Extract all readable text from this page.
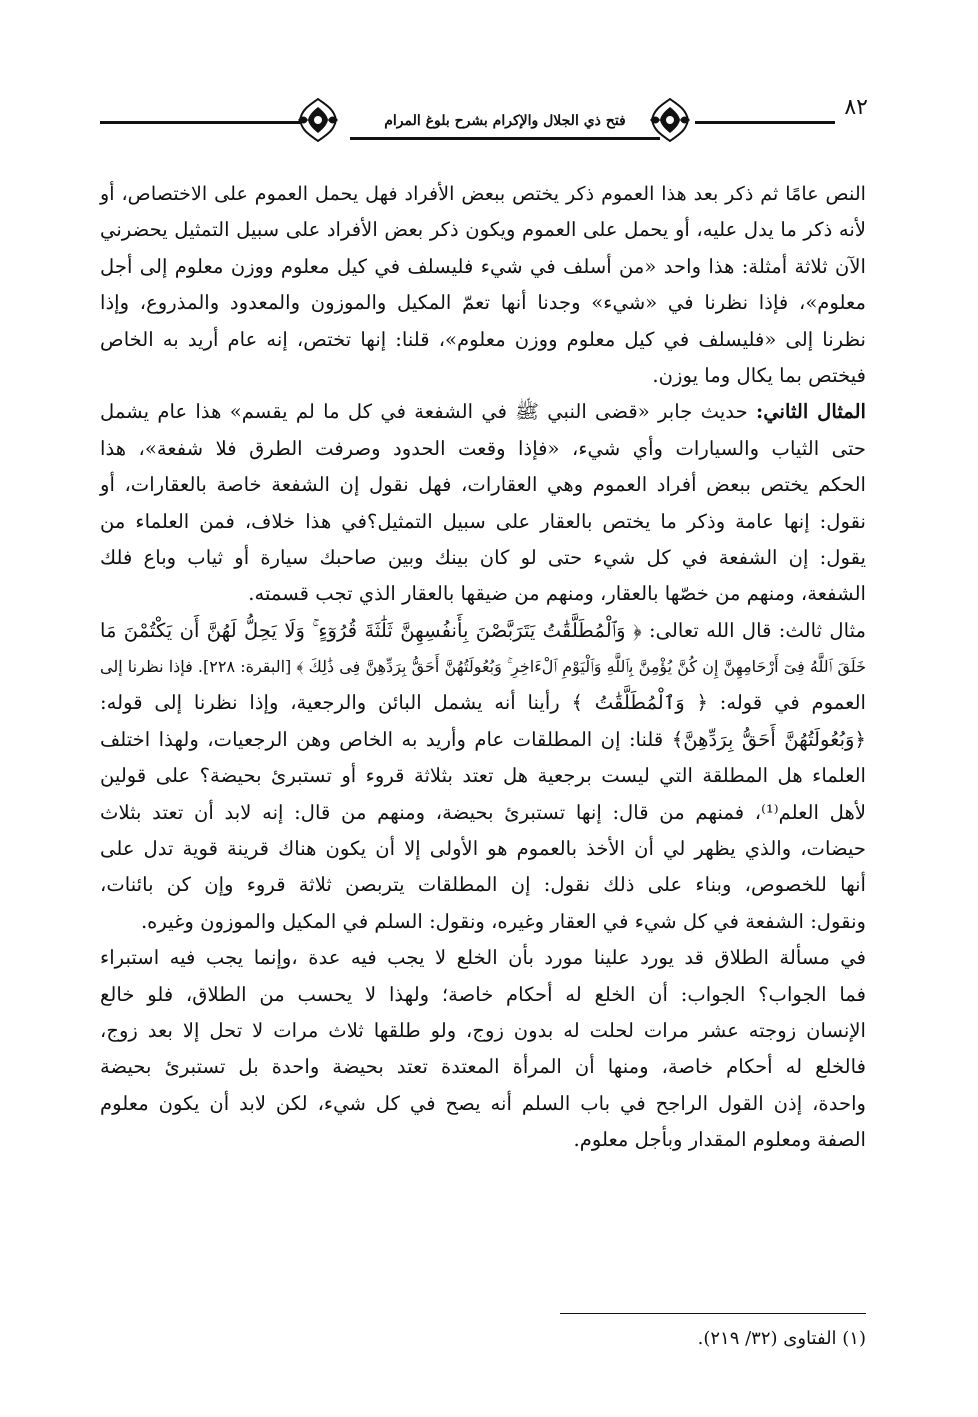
فتح ذي الجلال والإكرام بشرح بلوغ المرام
٨٢
النص عامًا ثم ذكر بعد هذا العموم ذكر يختص ببعض الأفراد فهل يحمل العموم على الاختصاص، أو
لأنه ذكر ما يدل عليه، أو يحمل على العموم ويكون ذكر بعض الأفراد على سبيل التمثيل يحضرني
الآن ثلاثة أمثلة: هذا واحد «من أسلف في شيء فليسلف في كيل معلوم ووزن معلوم إلى أجل
معلوم»، فإذا نظرنا في «شيء» وجدنا أنها تعمّ المكيل والموزون والمعدود والمذروع، وإذا
نظرنا إلى «فليسلف في كيل معلوم ووزن معلوم»، قلنا: إنها تختص، إنه عام أريد به الخاص
فيختص بما يكال وما يوزن.
المثال الثاني: حديث جابر «قضى النبي ﷺ في الشفعة في كل ما لم يقسم» هذا عام يشمل
حتى الثياب والسيارات وأي شيء، «فإذا وقعت الحدود وصرفت الطرق فلا شفعة»، هذا
الحكم يختص ببعض أفراد العموم وهي العقارات، فهل نقول إن الشفعة خاصة بالعقارات، أو
نقول: إنها عامة وذكر ما يختص بالعقار على سبيل التمثيل؟في هذا خلاف، فمن العلماء من
يقول: إن الشفعة في كل شيء حتى لو كان بينك وبين صاحبك سيارة أو ثياب وباع فلك
الشفعة، ومنهم من خصّها بالعقار، ومنهم من ضيقها بالعقار الذي تجب قسمته.
مثال ثالث: قال الله تعالى: ﴿ وَٱلْمُطَلَّقَٰتُ يَتَرَبَّصْنَ بِأَنفُسِهِنَّ ثَلَٰثَةَ قُرُوٓءٍ ۚ وَلَا يَحِلُّ لَهُنَّ أَن يَكْتُمْنَ مَا
خَلَقَ ٱللَّهُ فِىٓ أَرْحَامِهِنَّ إِن كُنَّ يُؤْمِنَّ بِٱللَّهِ وَٱلْيَوْمِ ٱلْءَاخِرِ ۚ وَبُعُولَتُهُنَّ أَحَقُّ بِرَدِّهِنَّ فِى ذَٰلِكَ ﴾ [البقرة: ٢٢٨]. فإذا نظرنا إلى
العموم في قوله: ﴿ وَٱلْمُطَلَّقَٰتُ ﴾ رأينا أنه يشمل البائن والرجعية، وإذا نظرنا إلى قوله:
﴿وَبُعُولَتُهُنَّ أَحَقُّ بِرَدِّهِنَّ﴾ قلنا: إن المطلقات عام وأريد به الخاص وهن الرجعيات، ولهذا اختلف
العلماء هل المطلقة التي ليست برجعية هل تعتد بثلاثة قروء أو تستبرئ بحيضة؟ على قولين
لأهل العلم⁽¹⁾، فمنهم من قال: إنها تستبرئ بحيضة، ومنهم من قال: إنه لابد أن تعتد بثلاث
حيضات، والذي يظهر لي أن الأخذ بالعموم هو الأولى إلا أن يكون هناك قرينة قوية تدل على
أنها للخصوص، وبناء على ذلك نقول: إن المطلقات يتربصن ثلاثة قروء وإن كن بائنات،
ونقول: الشفعة في كل شيء في العقار وغيره، ونقول: السلم في المكيل والموزون وغيره.
في مسألة الطلاق قد يورد علينا مورد بأن الخلع لا يجب فيه عدة ،وإنما يجب فيه استبراء
فما الجواب؟ الجواب: أن الخلع له أحكام خاصة؛ ولهذا لا يحسب من الطلاق، فلو خالع
الإنسان زوجته عشر مرات لحلت له بدون زوج، ولو طلقها ثلاث مرات لا تحل إلا بعد زوج،
فالخلع له أحكام خاصة، ومنها أن المرأة المعتدة تعتد بحيضة واحدة بل تستبرئ بحيضة
واحدة، إذن القول الراجح في باب السلم أنه يصح في كل شيء، لكن لابد أن يكون معلوم
الصفة ومعلوم المقدار وبأجل معلوم.
(١) الفتاوى (٣٢/ ٢١٩).
